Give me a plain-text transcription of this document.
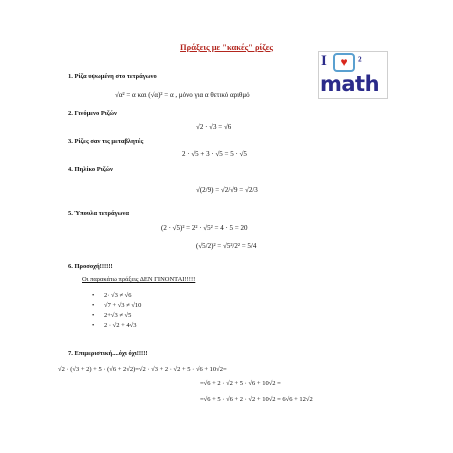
Πράξεις με "κακές" ρίζες
I	♥ ²
math
1. Ρίζα υψωμένη στο τετράγωνο
√α² = α και (√α)² = α , μόνο για α θετικό αριθμό
2. Γινόμενο Ριζών
√2 · √3 = √6
3. Ρίζες σαν τις μεταβλητές
2 · √5 + 3 · √5 = 5 · √5
4. Πηλίκο Ριζών
√(2/9) = √2/√9 = √2/3
5. Ύπουλα τετράγωνα
(2 · √5)² = 2² · √5² = 4 · 5 = 20
(√5/2)² = √5²/2² = 5/4
6. Προσοχή!!!!!!
Οι παρακάτω πράξεις ΔΕΝ ΓΙΝΟΝΤΑΙ!!!!!
• 2· √3 ≠ √6
• √7 + √3 ≠ √10
• 2+√3 ≠ √5
• 2 · √2 + 4√3
7. Επιμεριστική....όχι όχι!!!!!
√2 · (√3 + 2) + 5 · (√6 + 2√2)=√2 · √3 + 2 · √2 + 5 · √6 + 10√2=
=√6 + 2 · √2 + 5 · √6 + 10√2 =
=√6 + 5 · √6 + 2 · √2 + 10√2 = 6√6 + 12√2
